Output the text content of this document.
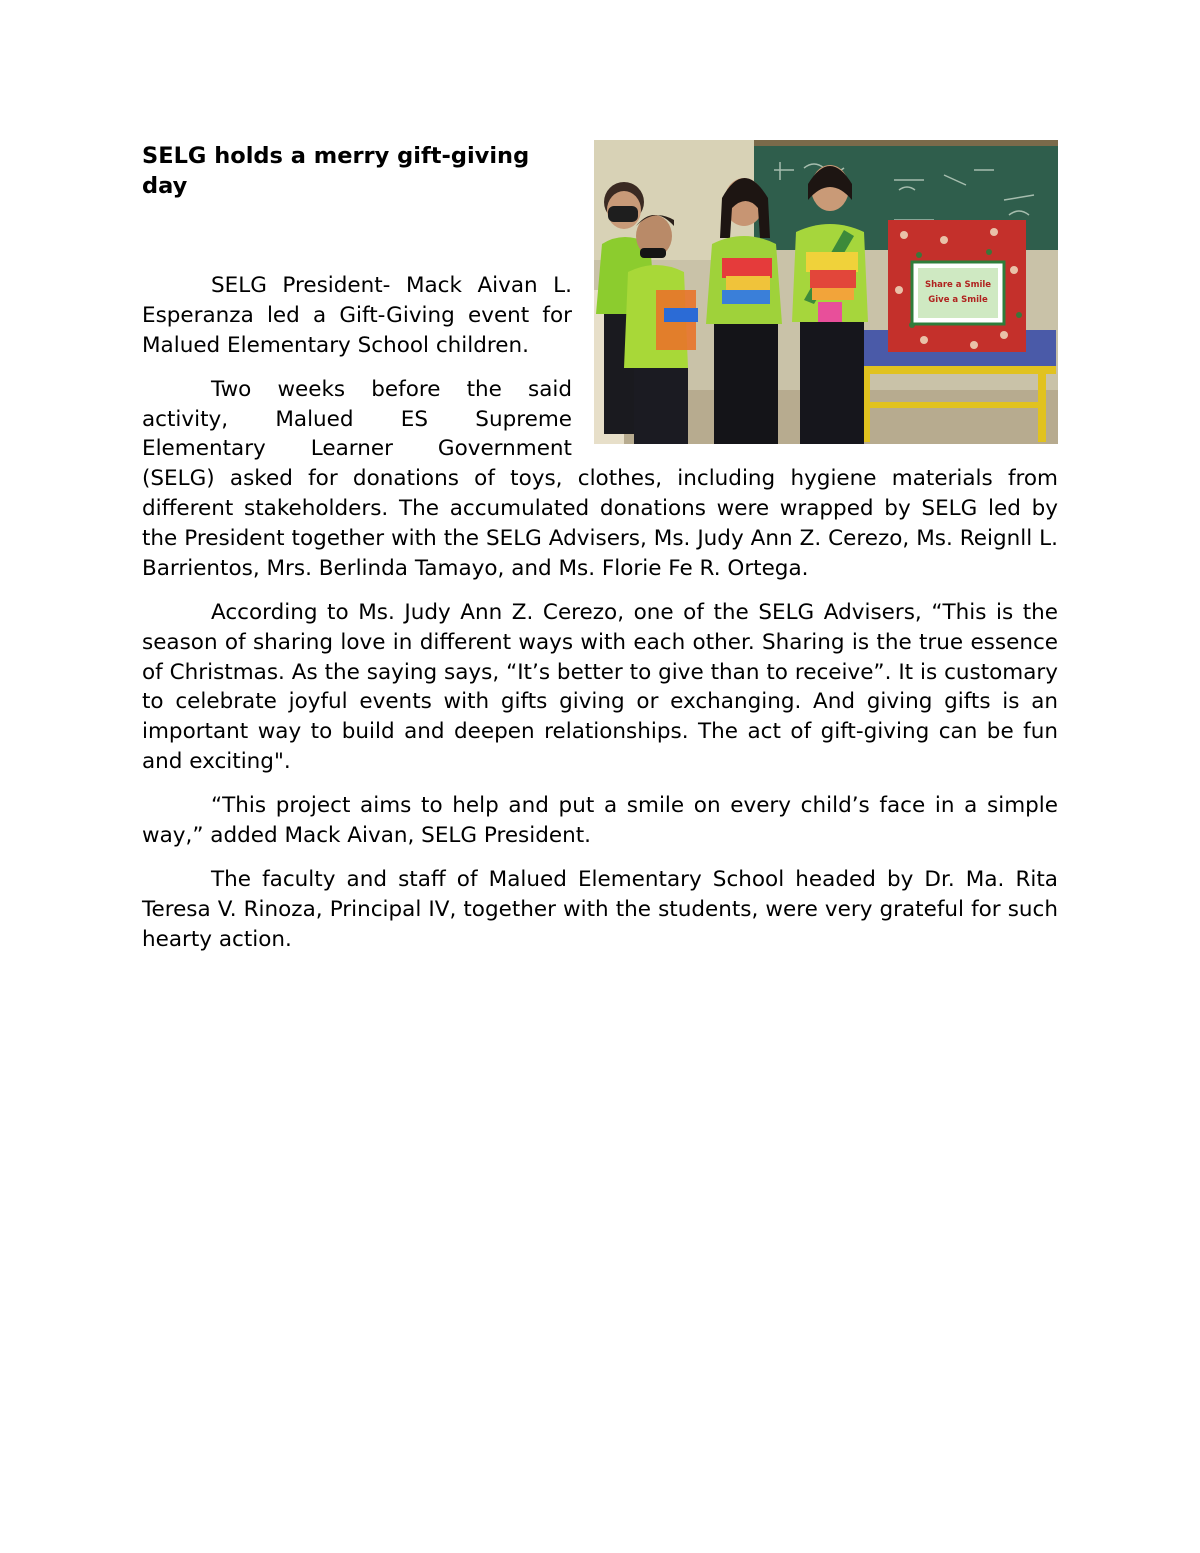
Share a Smile
Give a Smile
SELG holds a merry gift-giving day

SELG President- Mack Aivan L. Esperanza led a Gift-Giving event for Malued Elementary School children.

Two weeks before the said activity, Malued ES Supreme Elementary Learner Government (SELG) asked for donations of toys, clothes, including hygiene materials from different stakeholders. The accumulated donations were wrapped by SELG led by the President together with the SELG Advisers, Ms. Judy Ann Z. Cerezo, Ms. Reignll L. Barrientos, Mrs. Berlinda Tamayo, and Ms. Florie Fe R. Ortega.

According to Ms. Judy Ann Z. Cerezo, one of the SELG Advisers, “This is the season of sharing love in different ways with each other. Sharing is the true essence of Christmas. As the saying says, “It’s better to give than to receive”. It is customary to celebrate joyful events with gifts giving or exchanging. And giving gifts is an important way to build and deepen relationships. The act of gift-giving can be fun and exciting".

“This project aims to help and put a smile on every child’s face in a simple way,” added Mack Aivan, SELG President.

The faculty and staff of Malued Elementary School headed by Dr. Ma. Rita Teresa V. Rinoza, Principal IV, together with the students, were very grateful for such hearty action.
